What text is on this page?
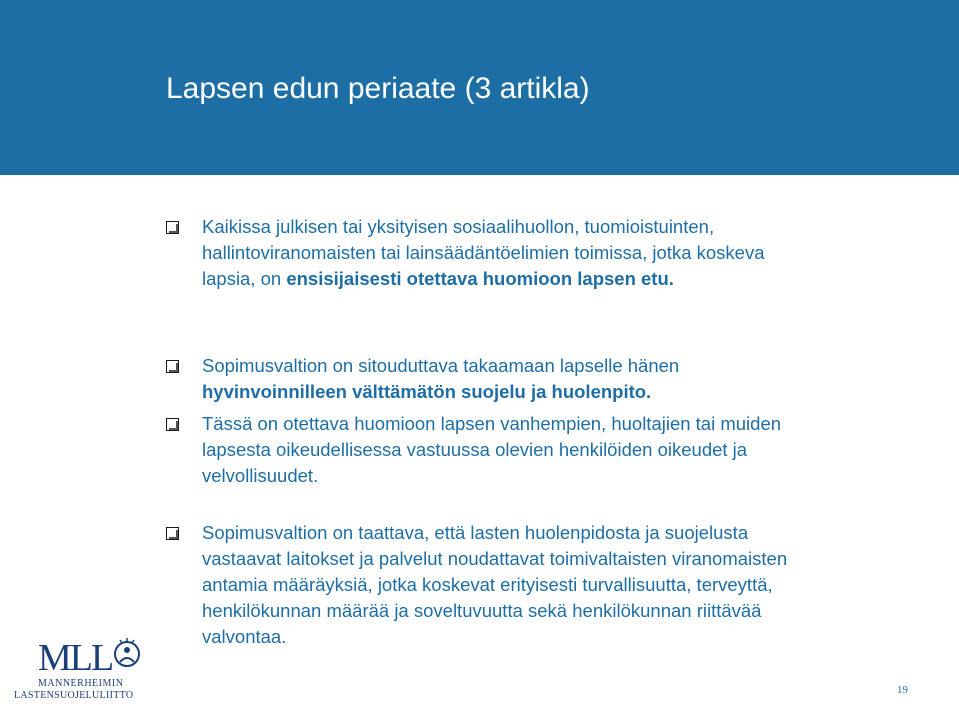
Lapsen edun periaate (3 artikla)
Kaikissa julkisen tai yksityisen sosiaalihuollon, tuomioistuinten, hallintoviranomaisten tai lainsäädäntöelimien toimissa, jotka koskeva lapsia, on ensisijaisesti otettava huomioon lapsen etu.
Sopimusvaltion on sitouduttava takaamaan lapselle hänen hyvinvoinnilleen välttämätön suojelu ja huolenpito.
Tässä on otettava huomioon lapsen vanhempien, huoltajien tai muiden lapsesta oikeudellisessa vastuussa olevien henkilöiden oikeudet ja velvollisuudet.
Sopimusvaltion on taattava, että lasten huolenpidosta ja suojelusta vastaavat laitokset ja palvelut noudattavat toimivaltaisten viranomaisten antamia määräyksiä, jotka koskevat erityisesti turvallisuutta, terveyttä, henkilökunnan määrää ja soveltuvuutta sekä henkilökunnan riittävää valvontaa.
MLL
MANNERHEIMIN
LASTENSUOJELULIITTO	19
